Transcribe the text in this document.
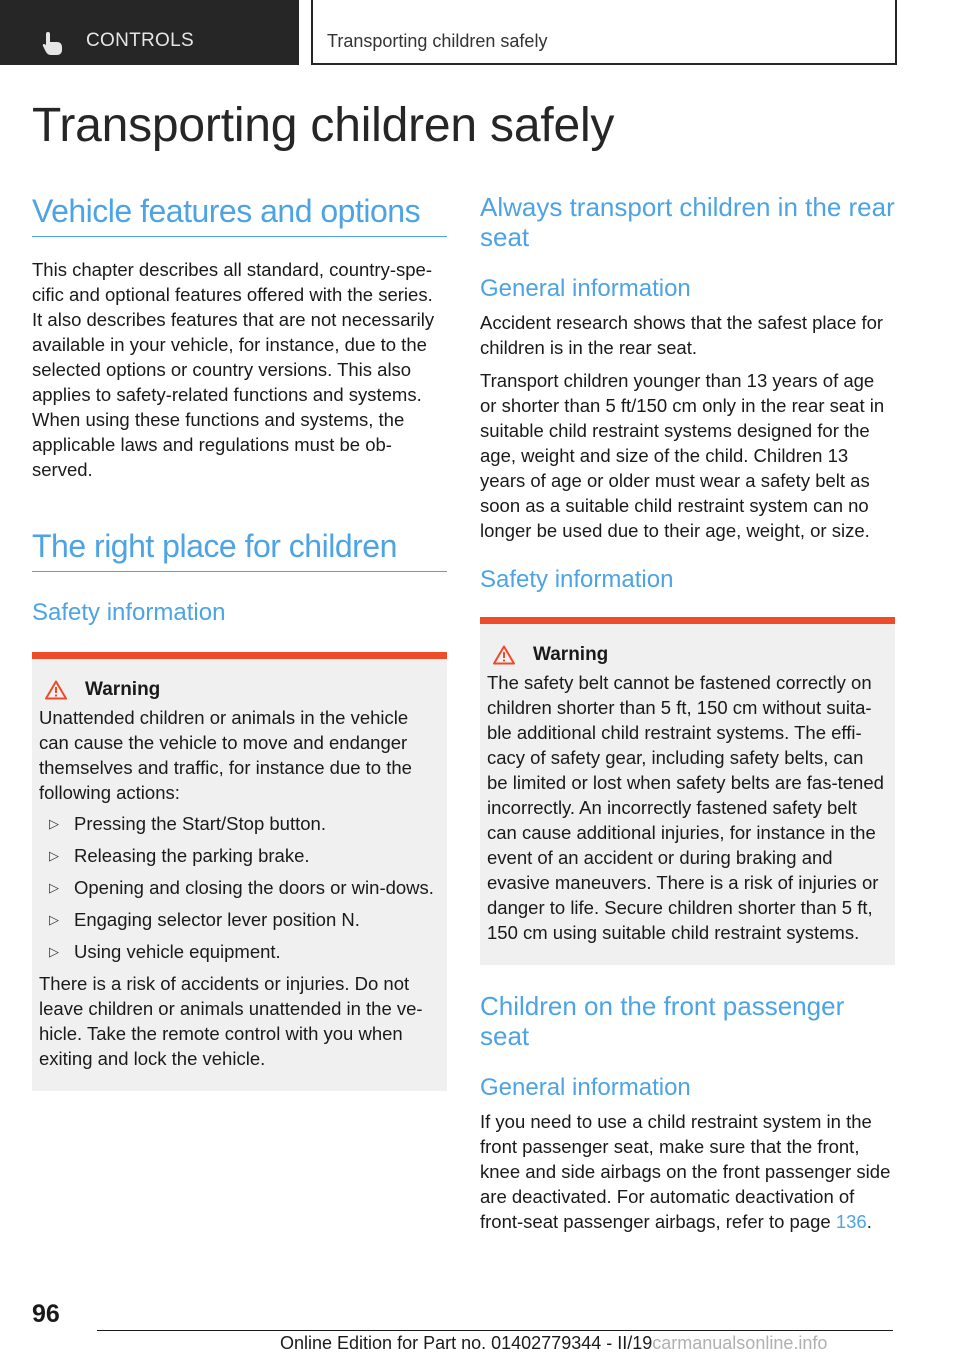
CONTROLS	Transporting children safely
Transporting children safely
Vehicle features and options

This chapter describes all standard, country-spe-cific and optional features offered with the series. It also describes features that are not necessarily available in your vehicle, for instance, due to the selected options or country versions. This also applies to safety-related functions and systems. When using these functions and systems, the applicable laws and regulations must be ob-served.

The right place for children
Safety information
Warning

Unattended children or animals in the vehicle can cause the vehicle to move and endanger themselves and traffic, for instance due to the following actions:

▷ Pressing the Start/Stop button.
▷ Releasing the parking brake.
▷ Opening and closing the doors or win-dows.
▷ Engaging selector lever position N.
▷ Using vehicle equipment.

There is a risk of accidents or injuries. Do not leave children or animals unattended in the ve-hicle. Take the remote control with you when exiting and lock the vehicle.

Always transport children in the rear seat
General information

Accident research shows that the safest place for children is in the rear seat.

Transport children younger than 13 years of age or shorter than 5 ft/150 cm only in the rear seat in suitable child restraint systems designed for the age, weight and size of the child. Children 13 years of age or older must wear a safety belt as soon as a suitable child restraint system can no longer be used due to their age, weight, or size.

Safety information
Warning

The safety belt cannot be fastened correctly on children shorter than 5 ft, 150 cm without suita-ble additional child restraint systems. The effi-cacy of safety gear, including safety belts, can be limited or lost when safety belts are fas-tened incorrectly. An incorrectly fastened safety belt can cause additional injuries, for instance in the event of an accident or during braking and evasive maneuvers. There is a risk of injuries or danger to life. Secure children shorter than 5 ft, 150 cm using suitable child restraint systems.

Children on the front passenger seat
General information

If you need to use a child restraint system in the front passenger seat, make sure that the front, knee and side airbags on the front passenger side are deactivated. For automatic deactivation of front-seat passenger airbags, refer to page 136.

96
Online Edition for Part no. 01402779344 - II/19carmanualsonline.info
